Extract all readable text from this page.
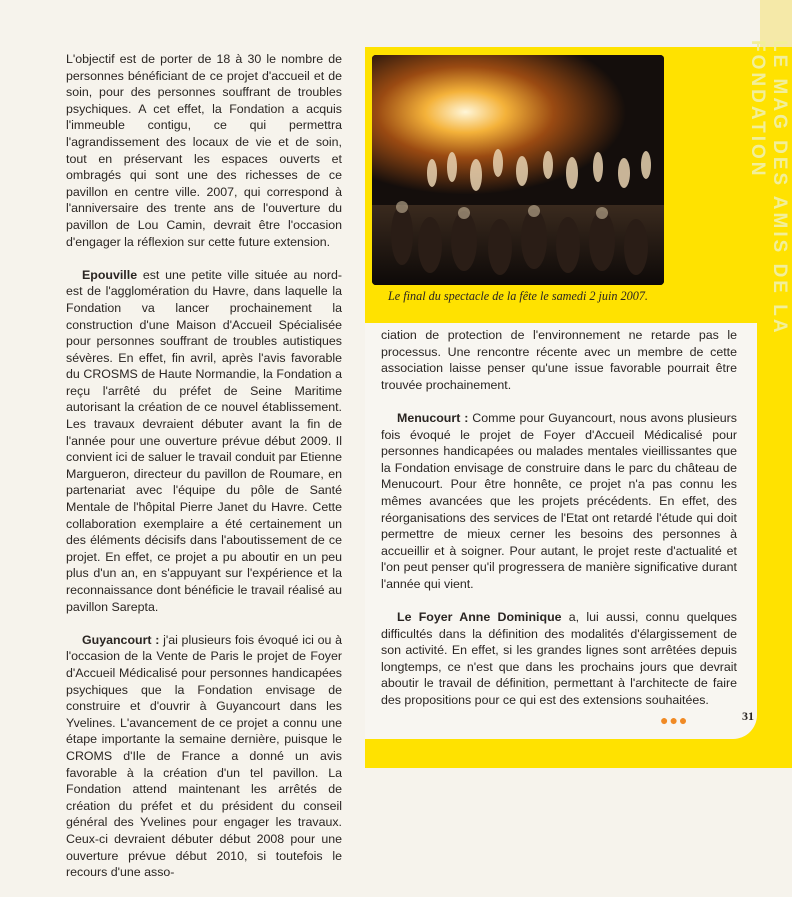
LE MAG DES AMIS DE LA FONDATION
Le final du spectacle de la fête le samedi 2 juin 2007.

L'objectif est de porter de 18 à 30 le nombre de personnes bénéficiant de ce projet d'accueil et de soin, pour des personnes souffrant de troubles psychiques. A cet effet, la Fondation a acquis l'immeuble contigu, ce qui permettra l'agrandissement des locaux de vie et de soin, tout en préservant les espaces ouverts et ombragés qui sont une des richesses de ce pavillon en centre ville. 2007, qui correspond à l'anniversaire des trente ans de l'ouverture du pavillon de Lou Camin, devrait être l'occasion d'engager la réflexion sur cette future extension.

Epouville est une petite ville située au nord-est de l'agglomération du Havre, dans laquelle la Fondation va lancer prochainement la construction d'une Maison d'Accueil Spécialisée pour personnes souffrant de troubles autistiques sévères. En effet, fin avril, après l'avis favorable du CROSMS de Haute Normandie, la Fondation a reçu l'arrêté du préfet de Seine Maritime autorisant la création de ce nouvel établissement. Les travaux devraient débuter avant la fin de l'année pour une ouverture prévue début 2009. Il convient ici de saluer le travail conduit par Etienne Margueron, directeur du pavillon de Roumare, en partenariat avec l'équipe du pôle de Santé Mentale de l'hôpital Pierre Janet du Havre. Cette collaboration exemplaire a été certainement un des éléments décisifs dans l'aboutissement de ce projet. En effet, ce projet a pu aboutir en un peu plus d'un an, en s'appuyant sur l'expérience et la reconnaissance dont bénéficie le travail réalisé au pavillon Sarepta.

Guyancourt : j'ai plusieurs fois évoqué ici ou à l'occasion de la Vente de Paris le projet de Foyer d'Accueil Médicalisé pour personnes handicapées psychiques que la Fondation envisage de construire et d'ouvrir à Guyancourt dans les Yvelines. L'avancement de ce projet a connu une étape importante la semaine dernière, puisque le CROMS d'Ile de France a donné un avis favorable à la création d'un tel pavillon. La Fondation attend maintenant les arrêtés de création du préfet et du président du conseil général des Yvelines pour engager les travaux. Ceux-ci devraient débuter début 2008 pour une ouverture prévue début 2010, si toutefois le recours d'une asso-

ciation de protection de l'environnement ne retarde pas le processus. Une rencontre récente avec un membre de cette association laisse penser qu'une issue favorable pourrait être trouvée prochainement.

Menucourt : Comme pour Guyancourt, nous avons plusieurs fois évoqué le projet de Foyer d'Accueil Médicalisé pour personnes handicapées ou malades mentales vieillissantes que la Fondation envisage de construire dans le parc du château de Menucourt. Pour être honnête, ce projet n'a pas connu les mêmes avancées que les projets précédents. En effet, des réorganisations des services de l'Etat ont retardé l'étude qui doit permettre de mieux cerner les besoins des personnes à accueillir et à soigner. Pour autant, le projet reste d'actualité et l'on peut penser qu'il progressera de manière significative durant l'année qui vient.

Le Foyer Anne Dominique a, lui aussi, connu quelques difficultés dans la définition des modalités d'élargissement de son activité. En effet, si les grandes lignes sont arrêtées depuis longtemps, ce n'est que dans les prochains jours que devrait aboutir le travail de définition, permettant à l'architecte de faire des propositions pour ce qui est des extensions souhaitées.

●●●	31
